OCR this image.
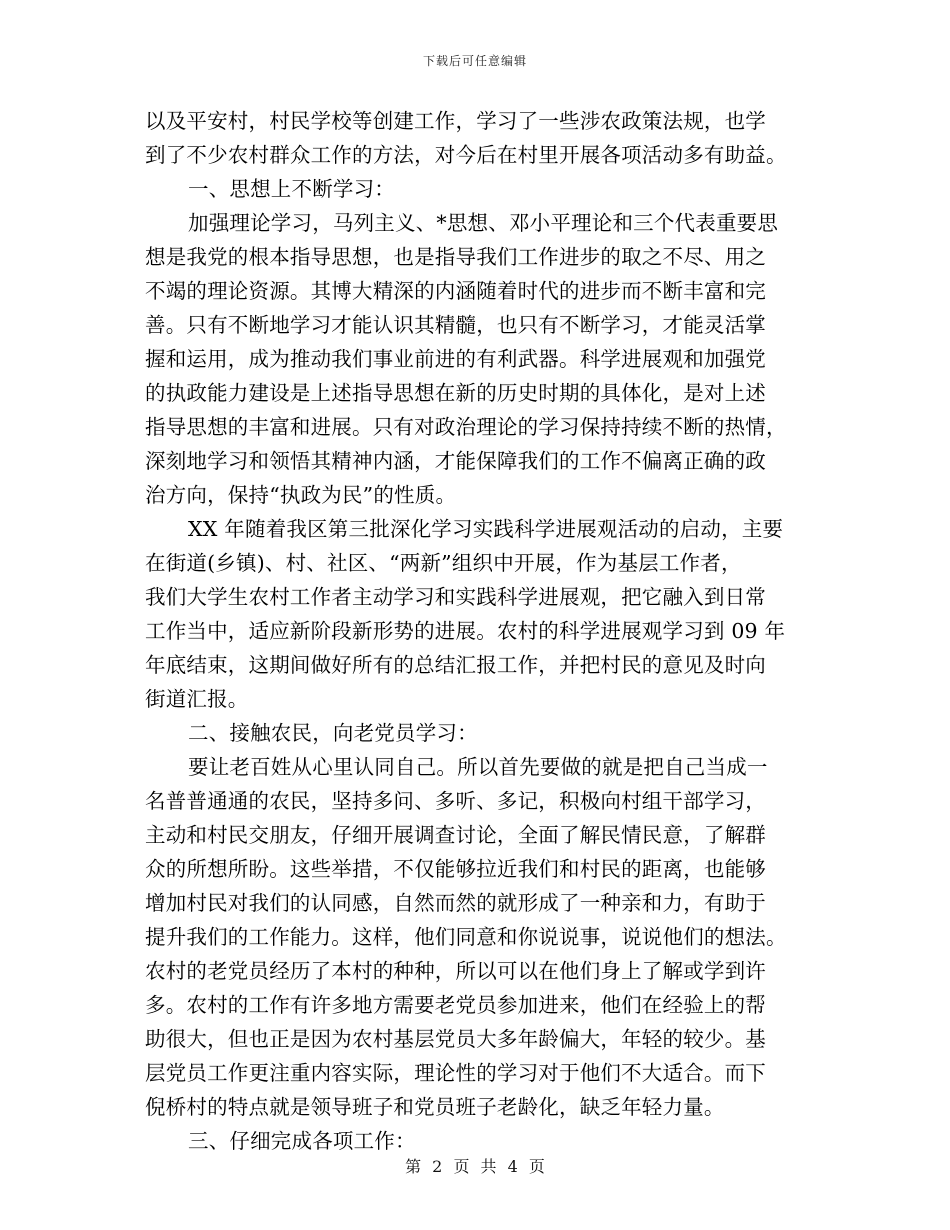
下载后可任意编辑
以及平安村，村民学校等创建工作，学习了一些涉农政策法规，也学
到了不少农村群众工作的方法，对今后在村里开展各项活动多有助益。
一、思想上不断学习：
加强理论学习，马列主义、*思想、邓小平理论和三个代表重要思
想是我党的根本指导思想，也是指导我们工作进步的取之不尽、用之
不竭的理论资源。其博大精深的内涵随着时代的进步而不断丰富和完
善。只有不断地学习才能认识其精髓，也只有不断学习，才能灵活掌
握和运用，成为推动我们事业前进的有利武器。科学进展观和加强党
的执政能力建设是上述指导思想在新的历史时期的具体化，是对上述
指导思想的丰富和进展。只有对政治理论的学习保持持续不断的热情，
深刻地学习和领悟其精神内涵，才能保障我们的工作不偏离正确的政
治方向，保持“执政为民”的性质。
XX 年随着我区第三批深化学习实践科学进展观活动的启动，主要
在街道(乡镇)、村、社区、“两新”组织中开展，作为基层工作者，
我们大学生农村工作者主动学习和实践科学进展观，把它融入到日常
工作当中，适应新阶段新形势的进展。农村的科学进展观学习到 09 年
年底结束，这期间做好所有的总结汇报工作，并把村民的意见及时向
街道汇报。
二、接触农民，向老党员学习：
要让老百姓从心里认同自己。所以首先要做的就是把自己当成一
名普普通通的农民，坚持多问、多听、多记，积极向村组干部学习，
主动和村民交朋友，仔细开展调查讨论，全面了解民情民意，了解群
众的所想所盼。这些举措，不仅能够拉近我们和村民的距离，也能够
增加村民对我们的认同感，自然而然的就形成了一种亲和力，有助于
提升我们的工作能力。这样，他们同意和你说说事，说说他们的想法。
农村的老党员经历了本村的种种，所以可以在他们身上了解或学到许
多。农村的工作有许多地方需要老党员参加进来，他们在经验上的帮
助很大，但也正是因为农村基层党员大多年龄偏大，年轻的较少。基
层党员工作更注重内容实际，理论性的学习对于他们不大适合。而下
倪桥村的特点就是领导班子和党员班子老龄化，缺乏年轻力量。
三、仔细完成各项工作：
第 2 页 共 4 页
